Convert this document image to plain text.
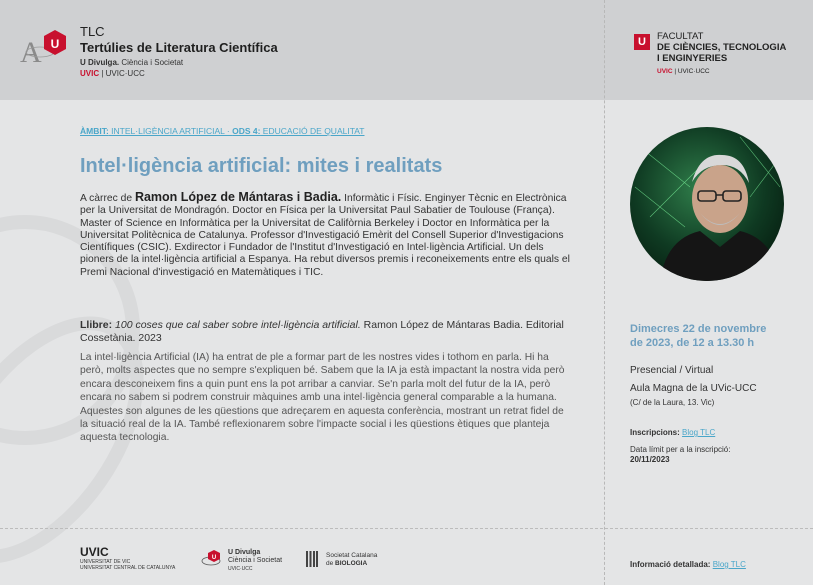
A U
TLC
Tertúlies de Literatura Científica
U Divulga. Ciència i Societat
UVIC | UVIC·UCC
U	FACULTAT
DE CIÈNCIES, TECNOLOGIA
I ENGINYERIES
UVIC | UVIC·UCC
ÀMBIT: INTEL·LIGÈNCIA ARTIFICIAL · ODS 4: EDUCACIÓ DE QUALITAT
Intel·ligència artificial: mites i realitats
A càrrec de Ramon López de Mántaras i Badia. Informàtic i Físic. Enginyer Tècnic en Electrònica per la Universitat de Mondragón. Doctor en Física per la Universitat Paul Sabatier de Toulouse (França). Master of Science en Informàtica per la Universitat de Califòrnia Berkeley i Doctor en Informàtica per la Universitat Politècnica de Catalunya. Professor d'Investigació Emèrit del Consell Superior d'Investigacions Científiques (CSIC). Exdirector i Fundador de l'Institut d'Investigació en Intel·ligència Artificial. Un dels pioners de la intel·ligència artificial a Espanya. Ha rebut diversos premis i reconeixements entre els quals el Premi Nacional d'investigació en Matemàtiques i TIC.
Llibre: 100 coses que cal saber sobre intel·ligència artificial. Ramon López de Mántaras Badia. Editorial Cossetània. 2023
La intel·ligència Artificial (IA) ha entrat de ple a formar part de les nostres vides i tothom en parla. Hi ha però, molts aspectes que no sempre s'expliquen bé. Sabem que la IA ja està impactant la nostra vida però encara desconeixem fins a quin punt ens la pot arribar a canviar. Se'n parla molt del futur de la IA, però encara no sabem si podrem construir màquines amb una intel·ligència general comparable a la humana. Aquestes son algunes de les qüestions que adreçarem en aquesta conferència, mostrant un retrat fidel de la situació real de la IA. També reflexionarem sobre l'impacte social i les qüestions ètiques que planteja aquesta tecnologia.
Dimecres 22 de novembre
de 2023, de 12 a 13.30 h
Presencial / Virtual
Aula Magna de la UVic-UCC
(C/ de la Laura, 13. Vic)
Inscripcions: Blog TLC
Data límit per a la inscripció:
20/11/2023
UVIC
UNIVERSITAT DE VIC
UNIVERSITAT CENTRAL DE CATALUNYA
U
U Divulga
Ciència i Societat
UVIC·UCC
Societat Catalana
de BIOLOGIA	Informació detallada: Blog TLC
